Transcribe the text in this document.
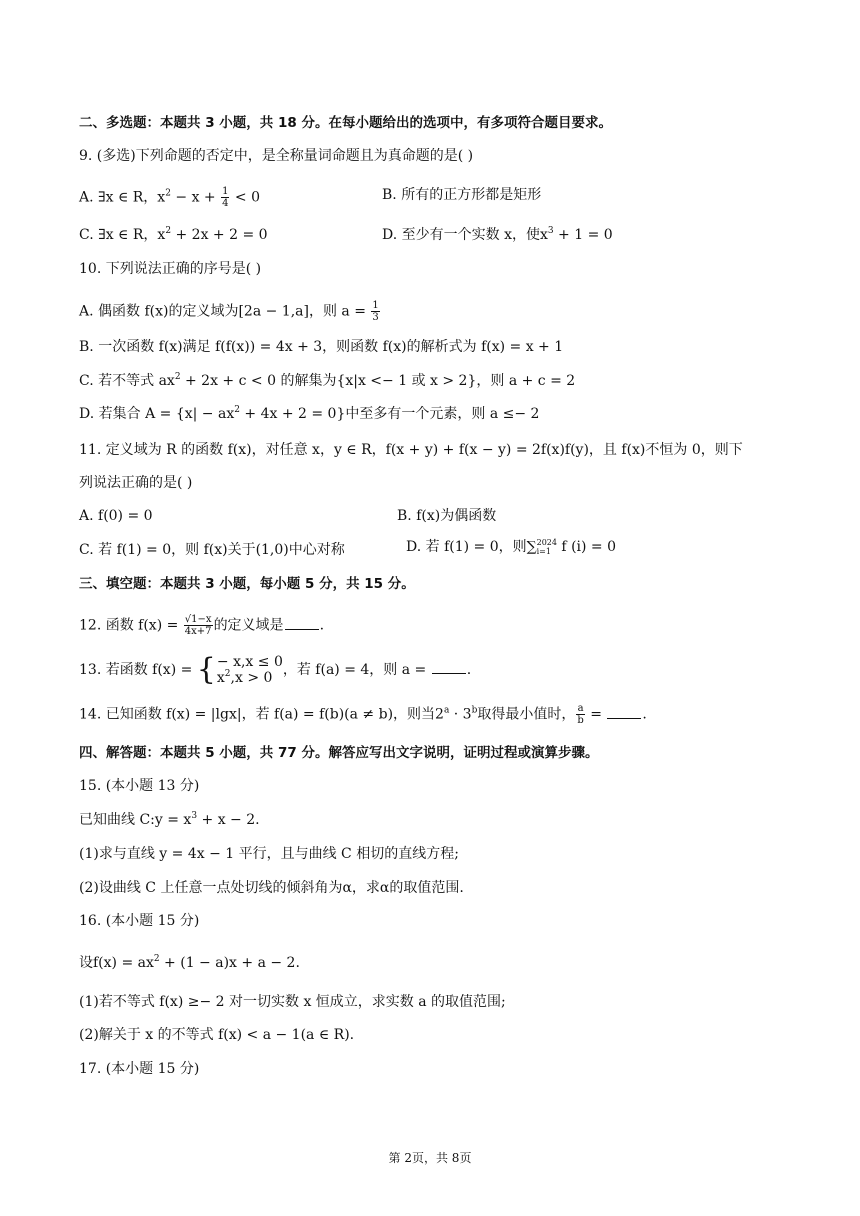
二、多选题：本题共 3 小题，共 18 分。在每小题给出的选项中，有多项符合题目要求。
9. (多选)下列命题的否定中，是全称量词命题且为真命题的是( )
A. ∃x ∈ R，$x^2 - x + \frac{1}{4} < 0$	B. 所有的正方形都是矩形
C. ∃x ∈ R，$x^2 + 2x + 2 = 0$	D. 至少有一个实数 x，使$x^3 + 1 = 0$
10. 下列说法正确的序号是( )
A. 偶函数 f(x)的定义域为[2a − 1,a]，则 $a = \frac{1}{3}$
B. 一次函数 f(x)满足 f(f(x)) = 4x + 3，则函数 f(x)的解析式为 f(x) = x + 1
C. 若不等式 $ax^2 + 2x + c < 0$ 的解集为{x|x <− 1 或 x > 2}，则 a + c = 2
D. 若集合 $A = \{x| - ax^2 + 4x + 2 = 0\}$中至多有一个元素，则 a ≤− 2
11. 定义域为 R 的函数 f(x)，对任意 x，y ∈ R，f(x + y) + f(x − y) = 2f(x)f(y)，且 f(x)不恒为 0，则下
列说法正确的是( )
A. f(0) = 0	B. f(x)为偶函数
C. 若 f(1) = 0，则 f(x)关于(1,0)中心对称	D. 若 f(1) = 0，则∑ 2024
i=1 f (i) = 0
三、填空题：本题共 3 小题，每小题 5 分，共 15 分。
12. 函数 $f(x) = \frac{√1-x}{4x+7}$ 的定义域是	.
13. 若函数 f(x) = { − x,x ≤ 0
$x^2,x > 0$ ，若 f(a) = 4，则 a =	.
14. 已知函数 f(x) = |lgx|，若 f(a) = f(b)(a ≠ b)，则当$2^a \cdot 3^b$取得最小值时， $\frac{a}{b}$ =	.
四、解答题：本题共 5 小题，共 77 分。解答应写出文字说明，证明过程或演算步骤。
15. (本小题 13 分)
已知曲线 C:y = $x^3 + x - 2$.
(1)求与直线 y = 4x − 1 平行，且与曲线 C 相切的直线方程;
(2)设曲线 C 上任意一点处切线的倾斜角为α，求α的取值范围.
16. (本小题 15 分)
设$f(x) = ax^2 + (1 - a)x + a - 2$.
(1)若不等式 f(x) ≥− 2 对一切实数 x 恒成立，求实数 a 的取值范围;
(2)解关于 x 的不等式 f(x) < a − 1(a ∈ R).
17. (本小题 15 分)
第 2页，共 8页
